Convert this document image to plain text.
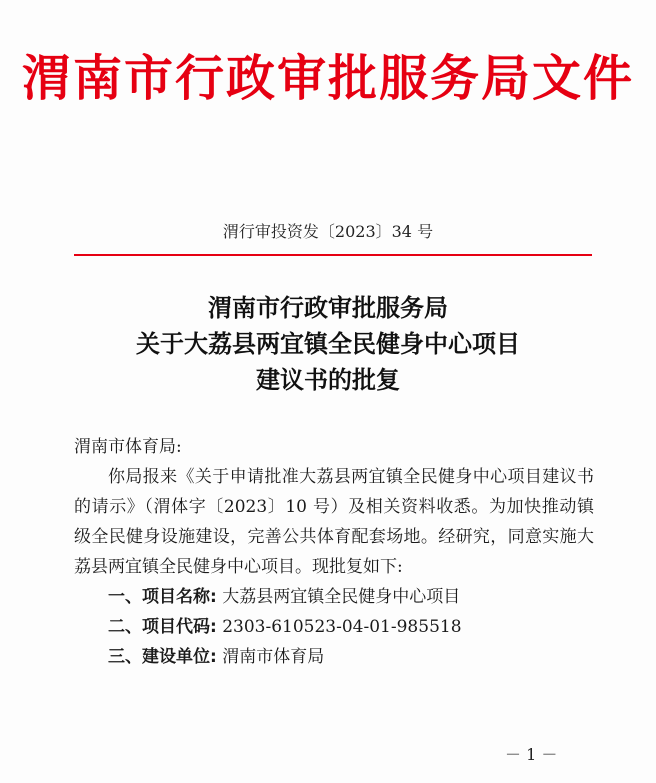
渭南市行政审批服务局文件
渭行审投资发〔2023〕34 号
渭南市行政审批服务局
关于大荔县两宜镇全民健身中心项目
建议书的批复

渭南市体育局:

你局报来《关于申请批准大荔县两宜镇全民健身中心项目建议书的请示》（渭体字〔2023〕10 号）及相关资料收悉。为加快推动镇级全民健身设施建设，完善公共体育配套场地。经研究，同意实施大荔县两宜镇全民健身中心项目。现批复如下:

一、项目名称: 大荔县两宜镇全民健身中心项目

二、项目代码: 2303-610523-04-01-985518

三、建设单位: 渭南市体育局

－ 1 －
